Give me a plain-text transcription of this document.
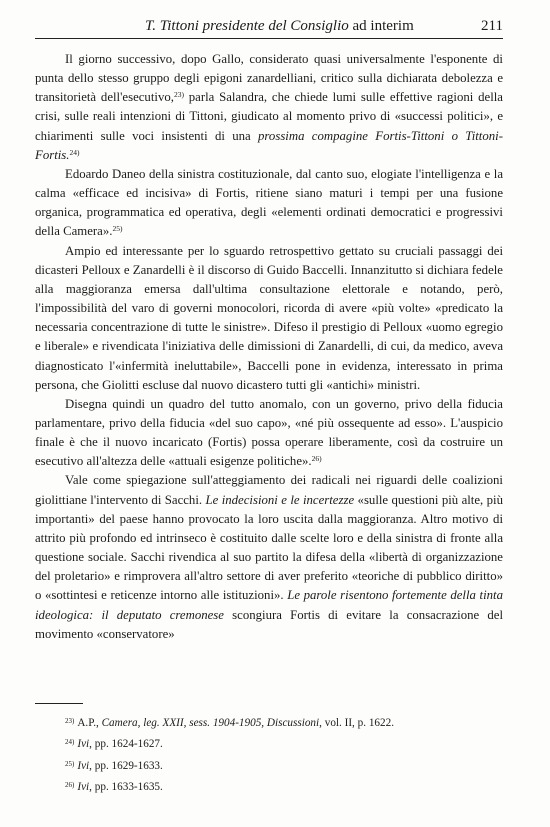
T. Tittoni presidente del Consiglio ad interim	211

Il giorno successivo, dopo Gallo, considerato quasi universalmente l'esponente di punta dello stesso gruppo degli epigoni zanardelliani, critico sulla dichiarata debolezza e transitorietà dell'esecutivo,$^{23)}$ parla Salandra, che chiede lumi sulle effettive ragioni della crisi, sulle reali intenzioni di Tittoni, giudicato al momento privo di «successi politici», e chiarimenti sulle voci insistenti di una prossima compagine Fortis-Tittoni o Tittoni-Fortis.$^{24)}$

Edoardo Daneo della sinistra costituzionale, dal canto suo, elogiate l'intelligenza e la calma «efficace ed incisiva» di Fortis, ritiene siano maturi i tempi per una fusione organica, programmatica ed operativa, degli «elementi ordinati democratici e progressivi della Camera».$^{25)}$

Ampio ed interessante per lo sguardo retrospettivo gettato su cruciali passaggi dei dicasteri Pelloux e Zanardelli è il discorso di Guido Baccelli. Innanzitutto si dichiara fedele alla maggioranza emersa dall'ultima consultazione elettorale e notando, però, l'impossibilità del varo di governi monocolori, ricorda di avere «più volte» «predicato la necessaria concentrazione di tutte le sinistre». Difeso il prestigio di Pelloux «uomo egregio e liberale» e rivendicata l'iniziativa delle dimissioni di Zanardelli, di cui, da medico, aveva diagnosticato l'«infermità ineluttabile», Baccelli pone in evidenza, interessato in prima persona, che Giolitti escluse dal nuovo dicastero tutti gli «antichi» ministri.

Disegna quindi un quadro del tutto anomalo, con un governo, privo della fiducia parlamentare, privo della fiducia «del suo capo», «né più ossequente ad esso». L'auspicio finale è che il nuovo incaricato (Fortis) possa operare liberamente, così da costruire un esecutivo all'altezza delle «attuali esigenze politiche».$^{26)}$

Vale come spiegazione sull'atteggiamento dei radicali nei riguardi delle coalizioni giolittiane l'intervento di Sacchi. Le indecisioni e le incertezze «sulle questioni più alte, più importanti» del paese hanno provocato la loro uscita dalla maggioranza. Altro motivo di attrito più profondo ed intrinseco è costituito dalle scelte loro e della sinistra di fronte alla questione sociale. Sacchi rivendica al suo partito la difesa della «libertà di organizzazione del proletario» e rimprovera all'altro settore di aver preferito «teoriche di pubblico diritto» o «sottintesi e reticenze intorno alle istituzioni». Le parole risentono fortemente della tinta ideologica: il deputato cremonese scongiura Fortis di evitare la consacrazione del movimento «conservatore»

$^{23)}$ A.P., Camera, leg. XXII, sess. 1904-1905, Discussioni, vol. II, p. 1622.
$^{24)}$ Ivi, pp. 1624-1627.
$^{25)}$ Ivi, pp. 1629-1633.
$^{26)}$ Ivi, pp. 1633-1635.
